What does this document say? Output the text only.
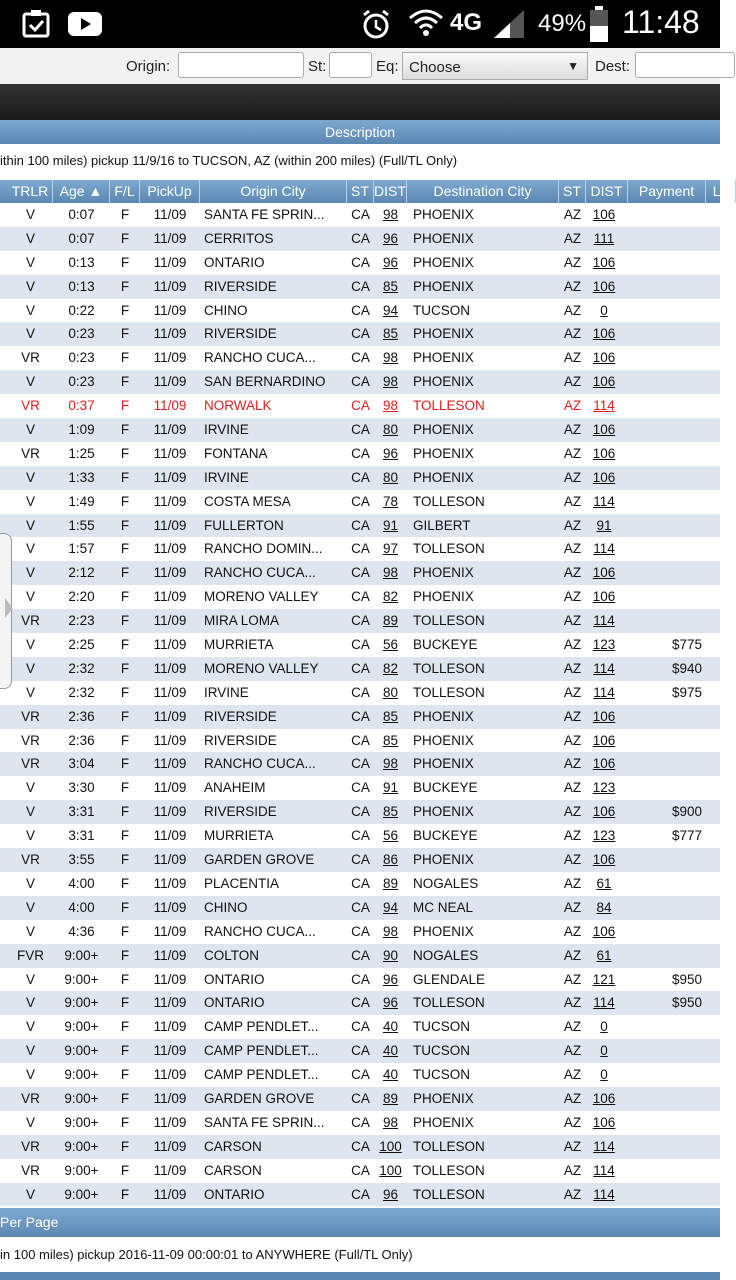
4G 49% 11:48
Origin:	St:	Eq: Choose	▼ Dest:
Description
ithin 100 miles) pickup 11/9/16 to TUCSON, AZ (within 200 miles) (Full/TL Only)
TRLR Age ▲ F/L PickUp	Origin City	ST DIST	Destination City	ST DIST	Payment	Le
V	0:07	F	11/09	SANTA FE SPRIN...	CA 98	PHOENIX	AZ 106
V	0:07	F	11/09	CERRITOS	CA 96	PHOENIX	AZ 111
V	0:13	F	11/09	ONTARIO	CA 96	PHOENIX	AZ 106
V	0:13	F	11/09	RIVERSIDE	CA 85	PHOENIX	AZ 106
V	0:22	F	11/09	CHINO	CA 94	TUCSON	AZ	0
V	0:23	F	11/09	RIVERSIDE	CA 85	PHOENIX	AZ 106
VR	0:23	F	11/09	RANCHO CUCA...	CA 98	PHOENIX	AZ 106
V	0:23	F	11/09	SAN BERNARDINO	CA 98	PHOENIX	AZ 106
VR	0:37	F	11/09	NORWALK	CA 98	TOLLESON	AZ 114
V	1:09	F	11/09	IRVINE	CA 80	PHOENIX	AZ 106
VR	1:25	F	11/09	FONTANA	CA 96	PHOENIX	AZ 106
V	1:33	F	11/09	IRVINE	CA 80	PHOENIX	AZ 106
V	1:49	F	11/09	COSTA MESA	CA 78	TOLLESON	AZ 114
V	1:55	F	11/09	FULLERTON	CA 91	GILBERT	AZ	91
V	1:57	F	11/09	RANCHO DOMIN...	CA 97	TOLLESON	AZ 114
V	2:12	F	11/09	RANCHO CUCA...	CA 98	PHOENIX	AZ 106
V	2:20	F	11/09	MORENO VALLEY	CA 82	PHOENIX	AZ 106
VR	2:23	F	11/09	MIRA LOMA	CA 89	TOLLESON	AZ 114
V	2:25	F	11/09	MURRIETA	CA 56	BUCKEYE	AZ 123	$775
V	2:32	F	11/09	MORENO VALLEY	CA 82	TOLLESON	AZ 114	$940
V	2:32	F	11/09	IRVINE	CA 80	TOLLESON	AZ 114	$975
VR	2:36	F	11/09	RIVERSIDE	CA 85	PHOENIX	AZ 106
VR	2:36	F	11/09	RIVERSIDE	CA 85	PHOENIX	AZ 106
VR	3:04	F	11/09	RANCHO CUCA...	CA 98	PHOENIX	AZ 106
V	3:30	F	11/09	ANAHEIM	CA 91	BUCKEYE	AZ 123
V	3:31	F	11/09	RIVERSIDE	CA 85	PHOENIX	AZ 106	$900
V	3:31	F	11/09	MURRIETA	CA 56	BUCKEYE	AZ 123	$777
VR	3:55	F	11/09	GARDEN GROVE	CA 86	PHOENIX	AZ 106
V	4:00	F	11/09	PLACENTIA	CA 89	NOGALES	AZ	61
V	4:00	F	11/09	CHINO	CA 94	MC NEAL	AZ	84
V	4:36	F	11/09	RANCHO CUCA...	CA 98	PHOENIX	AZ 106
FVR	9:00+	F	11/09	COLTON	CA 90	NOGALES	AZ	61
V	9:00+	F	11/09	ONTARIO	CA 96	GLENDALE	AZ 121	$950
V	9:00+	F	11/09	ONTARIO	CA 96	TOLLESON	AZ 114	$950
V	9:00+	F	11/09	CAMP PENDLET...	CA 40	TUCSON	AZ	0
V	9:00+	F	11/09	CAMP PENDLET...	CA 40	TUCSON	AZ	0
V	9:00+	F	11/09	CAMP PENDLET...	CA 40	TUCSON	AZ	0
VR	9:00+	F	11/09	GARDEN GROVE	CA 89	PHOENIX	AZ 106
V	9:00+	F	11/09	SANTA FE SPRIN...	CA 98	PHOENIX	AZ 106
VR	9:00+	F	11/09	CARSON	CA 100 TOLLESON	AZ 114
VR	9:00+	F	11/09	CARSON	CA 100 TOLLESON	AZ 114
V	9:00+	F	11/09	ONTARIO	CA 96	TOLLESON	AZ 114
Per Page
in 100 miles) pickup 2016-11-09 00:00:01 to ANYWHERE (Full/TL Only)
